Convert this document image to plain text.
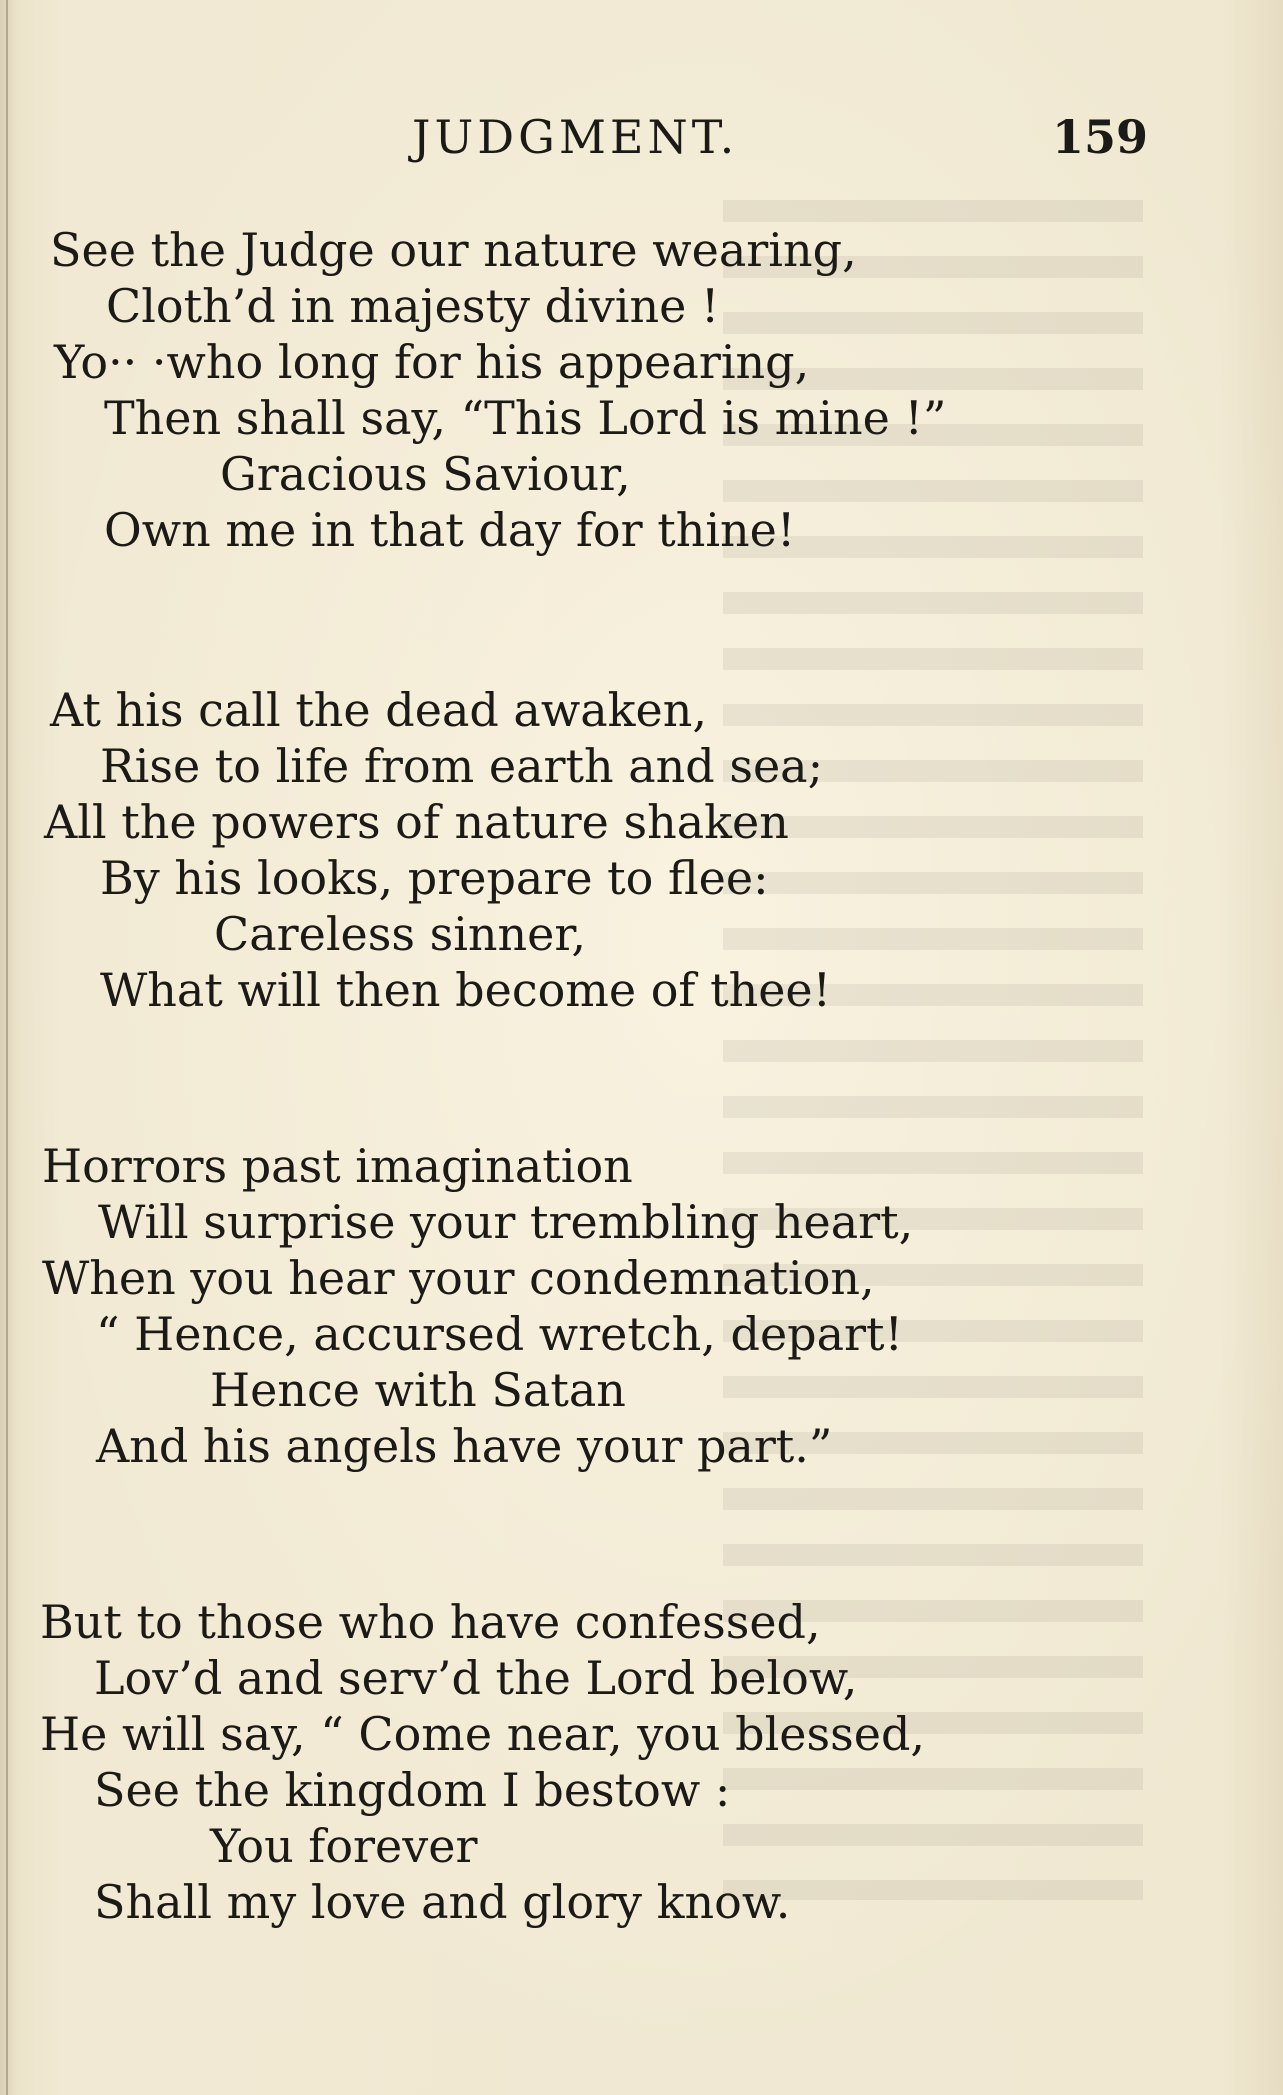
JUDGMENT.	159
See the Judge our nature wearing,
Cloth’d in majesty divine !
Yo·· ·who long for his appearing,
Then shall say, “This Lord is mine !”
Gracious Saviour,
Own me in that day for thine!
At his call the dead awaken,
Rise to life from earth and sea;
All the powers of nature shaken
By his looks, prepare to flee:
Careless sinner,
What will then become of thee!
Horrors past imagination
Will surprise your trembling heart,
When you hear your condemnation,
“ Hence, accursed wretch, depart!
Hence with Satan
And his angels have your part.”
But to those who have confessed,
Lov’d and serv’d the Lord below,
He will say, “ Come near, you blessed,
See the kingdom I bestow :
You forever
Shall my love and glory know.
